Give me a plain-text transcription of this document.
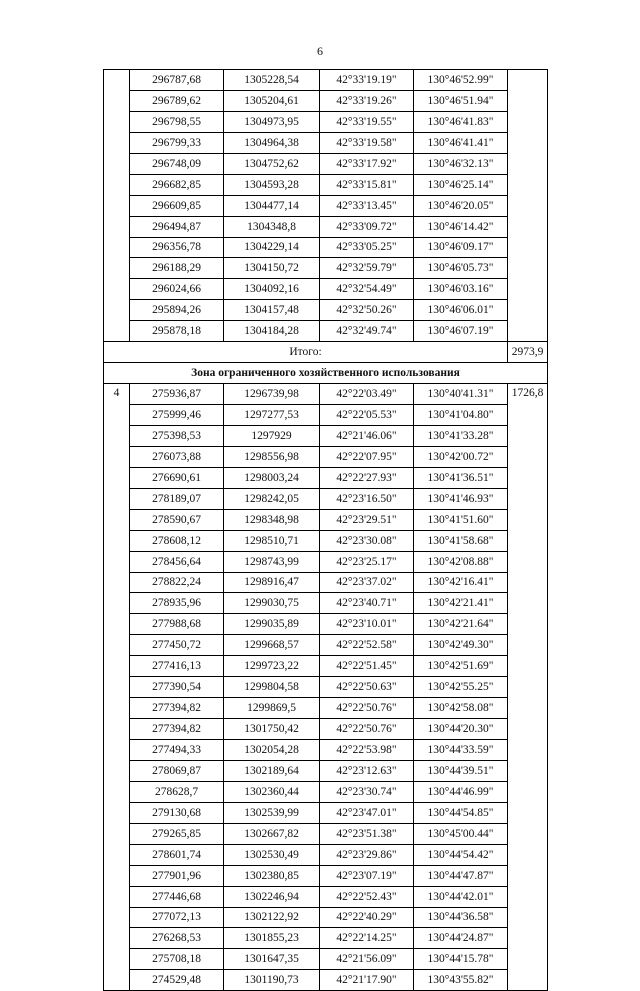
6
	296787,68	1305228,54	42°33'19.19"	130°46'52.99"	
	296789,62	1305204,61	42°33'19.26"	130°46'51.94"	
	296798,55	1304973,95	42°33'19.55"	130°46'41.83"	
	296799,33	1304964,38	42°33'19.58"	130°46'41.41"	
	296748,09	1304752,62	42°33'17.92"	130°46'32.13"	
	296682,85	1304593,28	42°33'15.81"	130°46'25.14"	
	296609,85	1304477,14	42°33'13.45"	130°46'20.05"	
	296494,87	1304348,8	42°33'09.72"	130°46'14.42"	
	296356,78	1304229,14	42°33'05.25"	130°46'09.17"	
	296188,29	1304150,72	42°32'59.79"	130°46'05.73"	
	296024,66	1304092,16	42°32'54.49"	130°46'03.16"	
	295894,26	1304157,48	42°32'50.26"	130°46'06.01"	
	295878,18	1304184,28	42°32'49.74"	130°46'07.19"	
Итого:					2973,9
Зона ограниченного хозяйственного использования					
4	275936,87	1296739,98	42°22'03.49"	130°40'41.31"	1726,8
	275999,46	1297277,53	42°22'05.53"	130°41'04.80"	
	275398,53	1297929	42°21'46.06"	130°41'33.28"	
	276073,88	1298556,98	42°22'07.95"	130°42'00.72"	
	276690,61	1298003,24	42°22'27.93"	130°41'36.51"	
	278189,07	1298242,05	42°23'16.50"	130°41'46.93"	
	278590,67	1298348,98	42°23'29.51"	130°41'51.60"	
	278608,12	1298510,71	42°23'30.08"	130°41'58.68"	
	278456,64	1298743,99	42°23'25.17"	130°42'08.88"	
	278822,24	1298916,47	42°23'37.02"	130°42'16.41"	
	278935,96	1299030,75	42°23'40.71"	130°42'21.41"	
	277988,68	1299035,89	42°23'10.01"	130°42'21.64"	
	277450,72	1299668,57	42°22'52.58"	130°42'49.30"	
	277416,13	1299723,22	42°22'51.45"	130°42'51.69"	
	277390,54	1299804,58	42°22'50.63"	130°42'55.25"	
	277394,82	1299869,5	42°22'50.76"	130°42'58.08"	
	277394,82	1301750,42	42°22'50.76"	130°44'20.30"	
	277494,33	1302054,28	42°22'53.98"	130°44'33.59"	
	278069,87	1302189,64	42°23'12.63"	130°44'39.51"	
	278628,7	1302360,44	42°23'30.74"	130°44'46.99"	
	279130,68	1302539,99	42°23'47.01"	130°44'54.85"	
	279265,85	1302667,82	42°23'51.38"	130°45'00.44"	
	278601,74	1302530,49	42°23'29.86"	130°44'54.42"	
	277901,96	1302380,85	42°23'07.19"	130°44'47.87"	
	277446,68	1302246,94	42°22'52.43"	130°44'42.01"	
	277072,13	1302122,92	42°22'40.29"	130°44'36.58"	
	276268,53	1301855,23	42°22'14.25"	130°44'24.87"	
	275708,18	1301647,35	42°21'56.09"	130°44'15.78"	
	274529,48	1301190,73	42°21'17.90"	130°43'55.82"	
